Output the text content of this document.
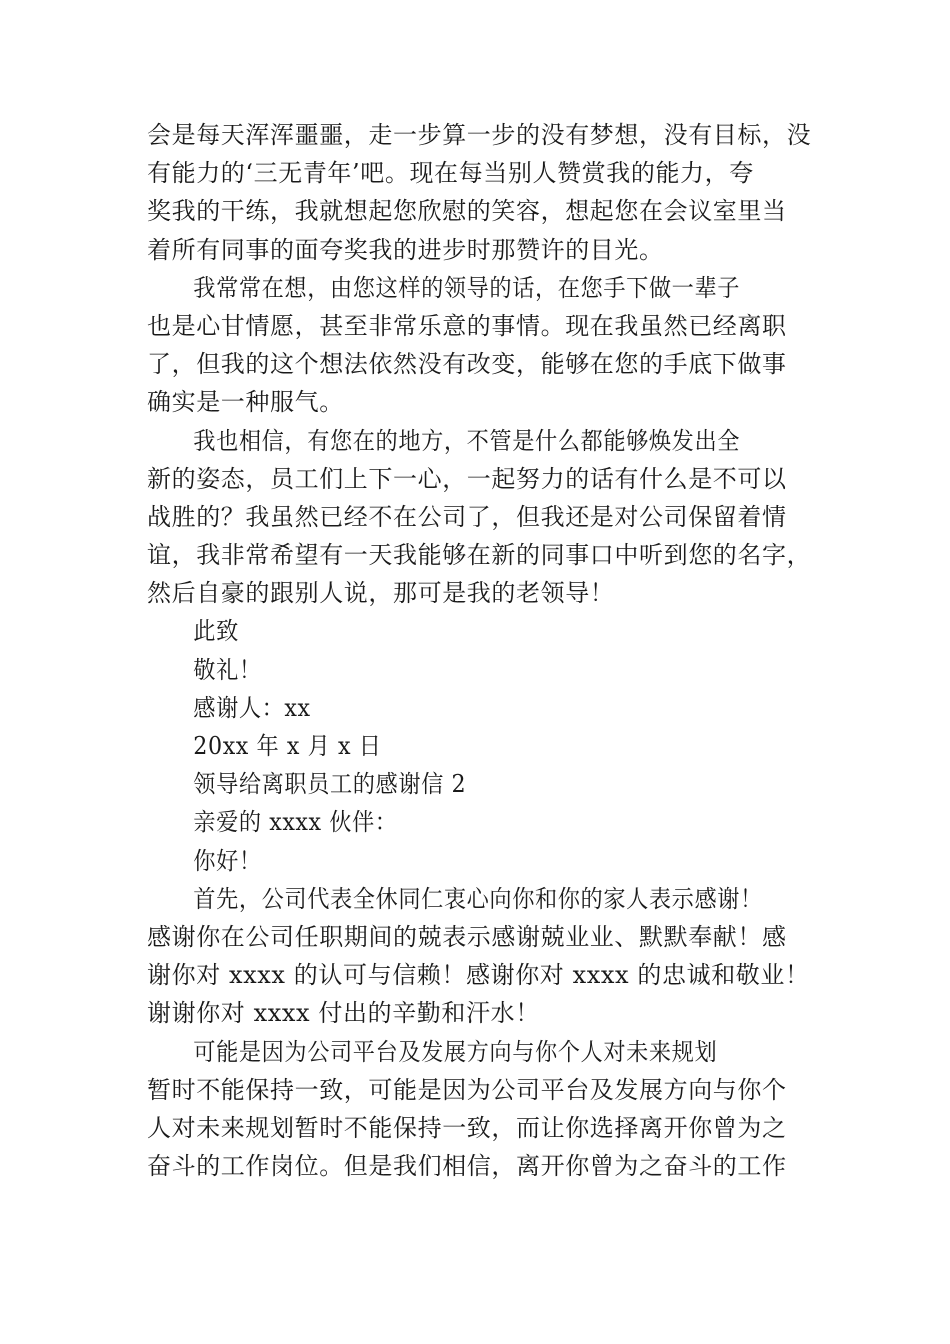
会是每天浑浑噩噩，走一步算一步的没有梦想，没有目标，没
有能力的‘三无青年’吧。现在每当别人赞赏我的能力，夸
奖我的干练，我就想起您欣慰的笑容，想起您在会议室里当
着所有同事的面夸奖我的进步时那赞许的目光。
我常常在想，由您这样的领导的话，在您手下做一辈子
也是心甘情愿，甚至非常乐意的事情。现在我虽然已经离职
了，但我的这个想法依然没有改变，能够在您的手底下做事
确实是一种服气。
我也相信，有您在的地方，不管是什么都能够焕发出全
新的姿态，员工们上下一心，一起努力的话有什么是不可以
战胜的？我虽然已经不在公司了，但我还是对公司保留着情
谊，我非常希望有一天我能够在新的同事口中听到您的名字，
然后自豪的跟别人说，那可是我的老领导！
此致
敬礼！
感谢人：xx
20xx 年 x 月 x 日
领导给离职员工的感谢信 2
亲爱的 xxxx 伙伴：
你好！
首先，公司代表全休同仁衷心向你和你的家人表示感谢！
感谢你在公司任职期间的兢表示感谢兢业业、默默奉献！感
谢你对 xxxx 的认可与信赖！感谢你对 xxxx 的忠诚和敬业！
谢谢你对 xxxx 付出的辛勤和汗水！
可能是因为公司平台及发展方向与你个人对未来规划
暂时不能保持一致，可能是因为公司平台及发展方向与你个
人对未来规划暂时不能保持一致，而让你选择离开你曾为之
奋斗的工作岗位。但是我们相信，离开你曾为之奋斗的工作
